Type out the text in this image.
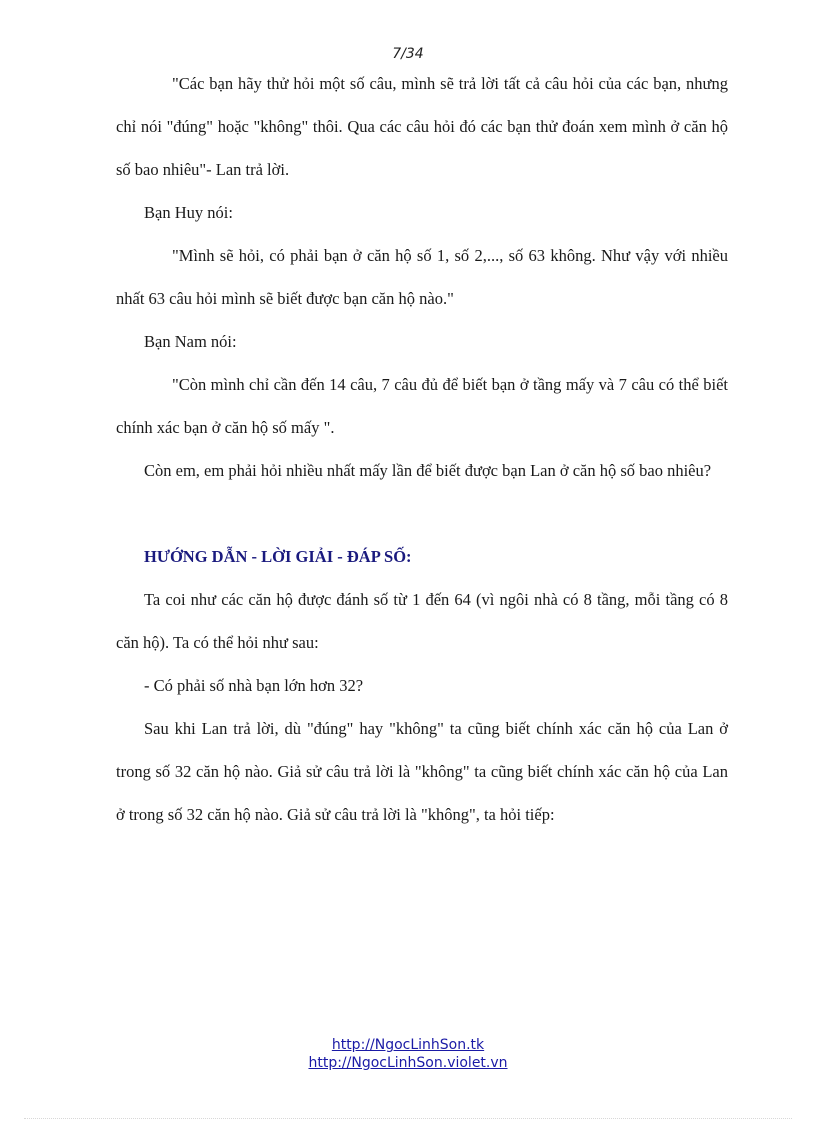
7/34

"Các bạn hãy thử hỏi một số câu, mình sẽ trả lời tất cả câu hỏi của các bạn, nhưng chỉ nói "đúng" hoặc "không" thôi. Qua các câu hỏi đó các bạn thử đoán xem mình ở căn hộ số bao nhiêu"- Lan trả lời.

Bạn Huy nói:

"Mình sẽ hỏi, có phải bạn ở căn hộ số 1, số 2,..., số 63 không. Như vậy với nhiều nhất 63 câu hỏi mình sẽ biết được bạn căn hộ nào."

Bạn Nam nói:

"Còn mình chỉ cần đến 14 câu, 7 câu đủ để biết bạn ở tầng mấy và 7 câu có thể biết chính xác bạn ở căn hộ số mấy ".

Còn em, em phải hỏi nhiều nhất mấy lần để biết được bạn Lan ở căn hộ số bao nhiêu?

HƯỚNG DẪN - LỜI GIẢI - ĐÁP SỐ:

Ta coi như các căn hộ được đánh số từ 1 đến 64 (vì ngôi nhà có 8 tầng, mỗi tầng có 8 căn hộ). Ta có thể hỏi như sau:

- Có phải số nhà bạn lớn hơn 32?

Sau khi Lan trả lời, dù "đúng" hay "không" ta cũng biết chính xác căn hộ của Lan ở trong số 32 căn hộ nào. Giả sử câu trả lời là "không" ta cũng biết chính xác căn hộ của Lan ở trong số 32 căn hộ nào. Giả sử câu trả lời là "không", ta hỏi tiếp:

http://NgocLinhSon.tk
http://NgocLinhSon.violet.vn
